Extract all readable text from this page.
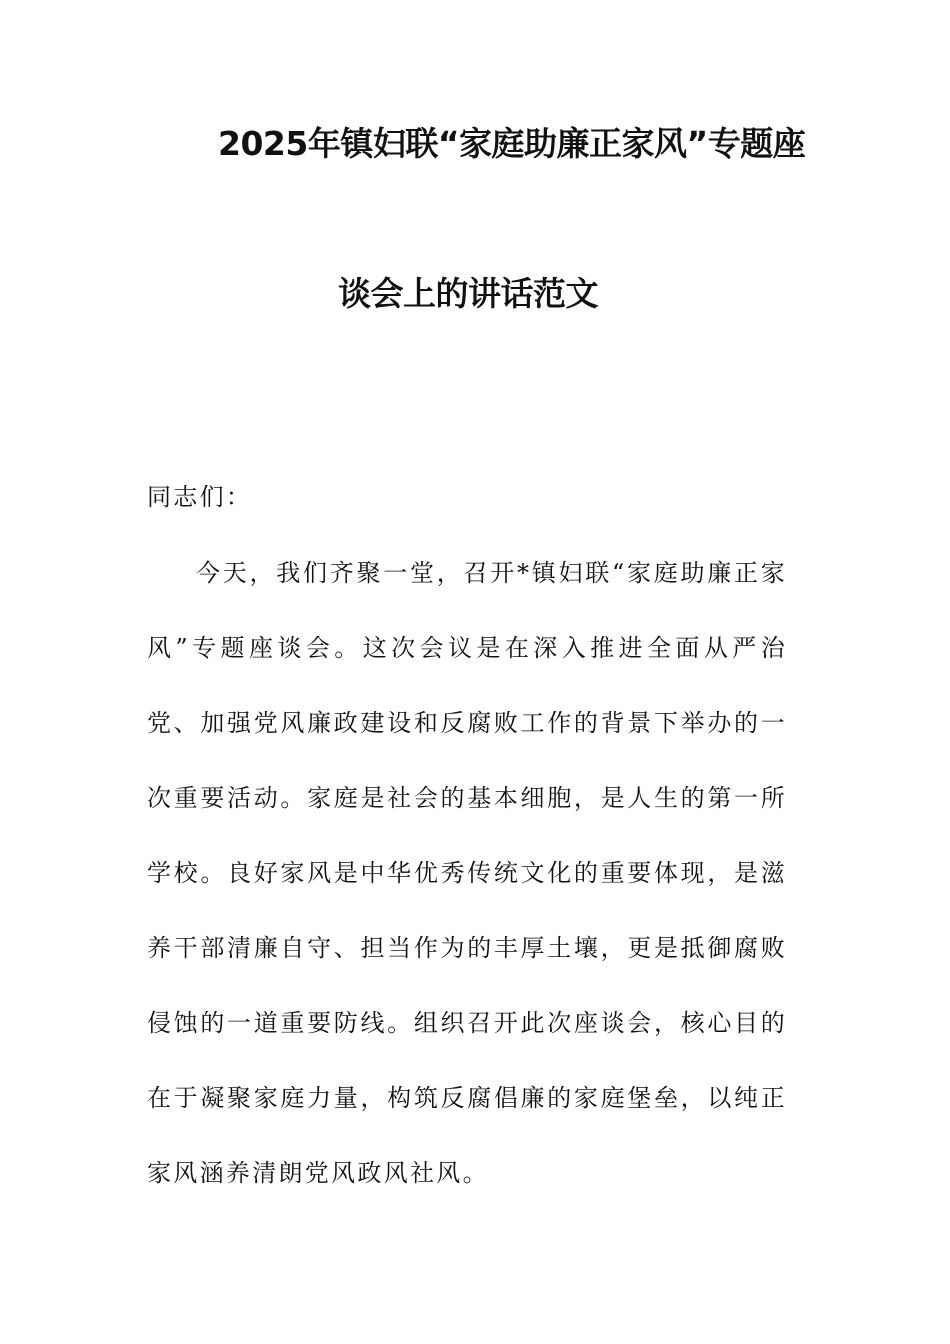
2025年镇妇联“家庭助廉正家风”专题座
谈会上的讲话范文
同志们：
今天，我们齐聚一堂，召开*镇妇联“家庭助廉正家风”专题座谈会。这次会议是在深入推进全面从严治党、加强党风廉政建设和反腐败工作的背景下举办的一次重要活动。家庭是社会的基本细胞，是人生的第一所学校。良好家风是中华优秀传统文化的重要体现，是滋养干部清廉自守、担当作为的丰厚土壤，更是抵御腐败侵蚀的一道重要防线。组织召开此次座谈会，核心目的在于凝聚家庭力量，构筑反腐倡廉的家庭堡垒，以纯正家风涵养清朗党风政风社风。
